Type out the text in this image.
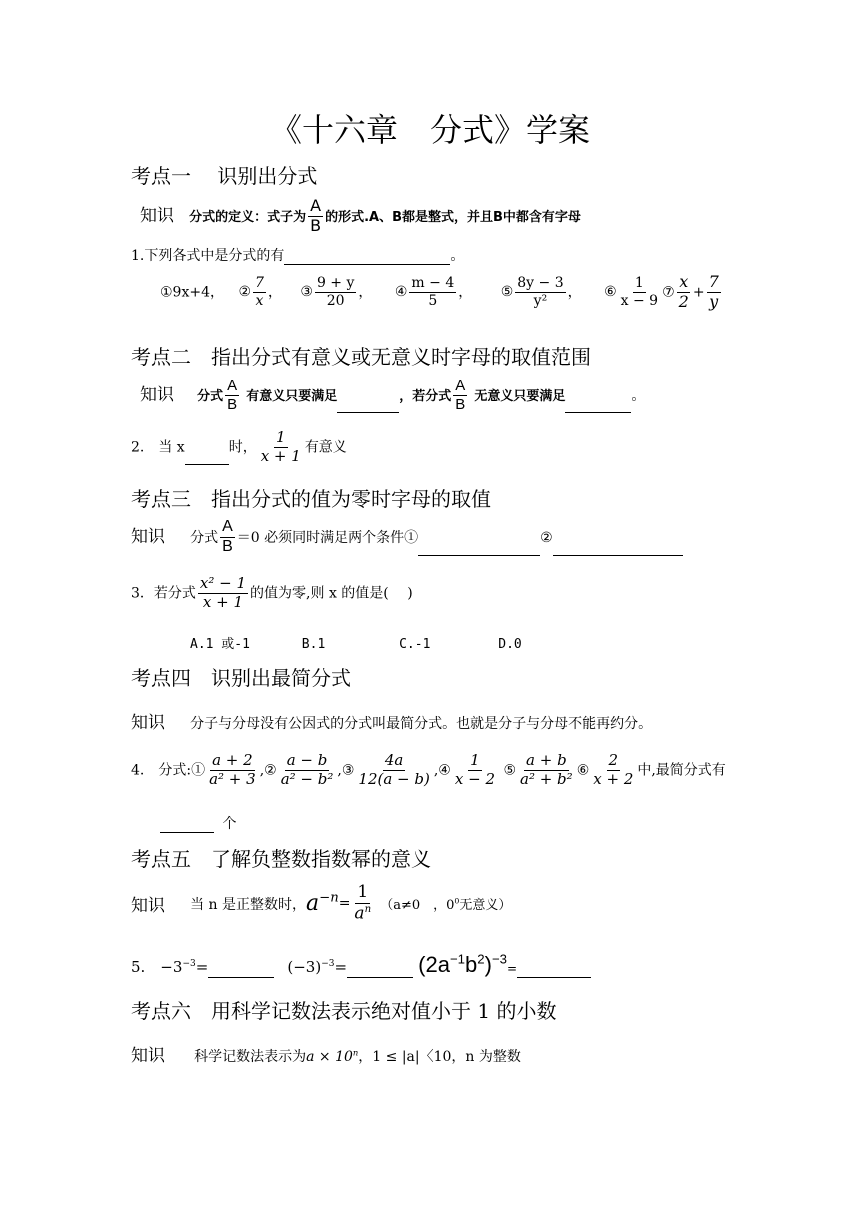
《十六章　分式》学案
考点一　 识别出分式
知识 分式的定义：式子为 $\frac{A}{B}$ 的形式.A、B都是整式，并且B中都含有字母
1.下列各式中是分式的有	。
①9x+4， ② $\frac{7}{x}$ ， ③ $\frac{9 + y}{20}$ ， ④ $\frac{m - 4}{5}$ ， ⑤ $\frac{8y - 3}{\text{y²}}$ ， ⑥ $\frac{1}{x - 9}$ ⑦ $\frac{x}{2} + \frac{7}{y}$
考点二　指出分式有意义或无意义时字母的取值范围
知识 分式 $\frac{A}{B}$ 有意义只要满足	，若分式 $\frac{A}{B}$ 无意义只要满足	。
2.　当 x	时， $\frac{1}{x + 1}$ 有意义
考点三　指出分式的值为零时字母的取值
知识 分式 $\frac{A}{B} =0$ 必须同时满足两个条件①	②
3．若分式 $\frac{\text{x² − 1}}{x + 1}$ 的值为零,则 x 的值是(　 )
A.1 或-1	B.1	C.-1	D.0
考点四　识别出最简分式
知识 分子与分母没有公因式的分式叫最简分式。也就是分子与分母不能再约分。
4.　分式:① $\frac{a + 2}{\text{a² + 3}}$ ,② $\frac{a - b}{\text{a² − b²}}$ ,③ $\frac{4a}{12(a - b)}$ ,④ $\frac{1}{x - 2}$ ⑤ $\frac{a + b}{\text{a² + b²}}$ ⑥ $\frac{2}{x + 2}$ 中,最简分式有
个
考点五　了解负整数指数幂的意义
知识 当 n 是正整数时，$a^{-n}= \frac{1}{a^n} (a\ne 0$　，$0^0$无意义）
5.　$-3^{-3}=$	$(-3)^{-3}=$	$(2a^{-1}b^2)^{-3}=$
考点六　用科学记数法表示绝对值小于 1 的小数
知识 科学记数法表示为$a \times 10^n$，1 ≤ |a|〈10，n 为整数
